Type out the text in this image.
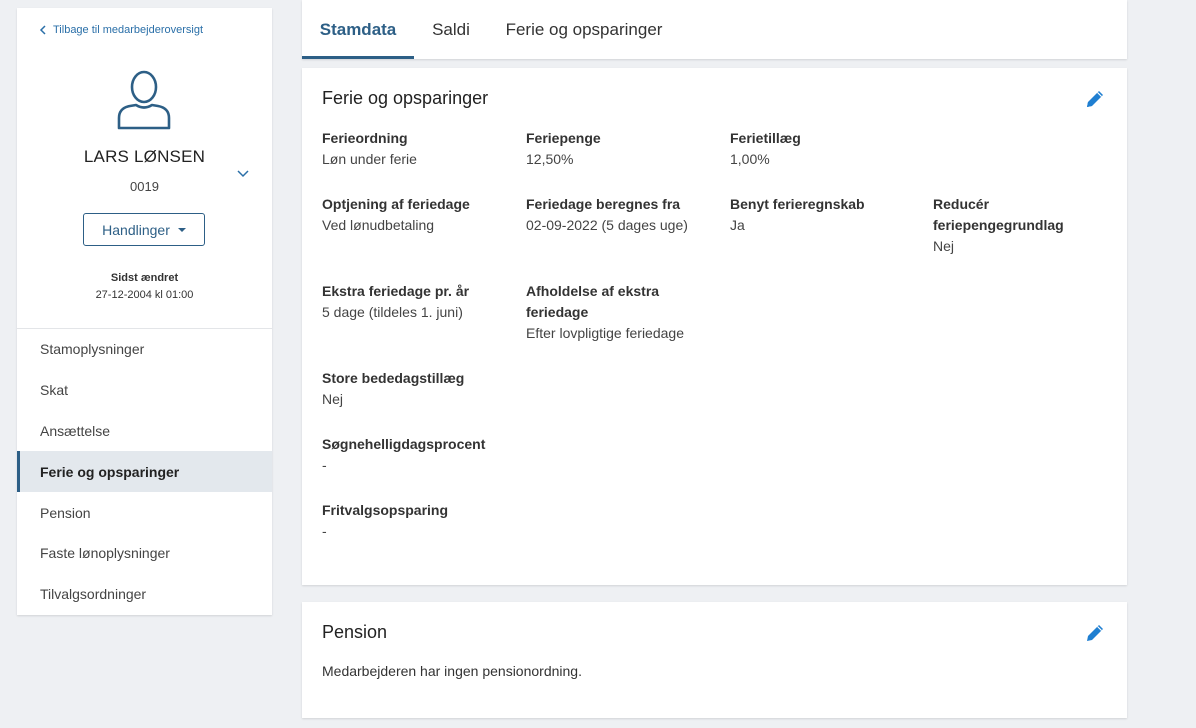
Tilbage til medarbejderoversigt
LARS LØNSEN
0019
Handlinger
Sidst ændret
27-12-2004 kl 01:00
Stamoplysninger
Skat
Ansættelse
Ferie og opsparinger
Pension
Faste lønoplysninger
Tilvalgsordninger
Stamdata Saldi Ferie og opsparinger
Ferie og opsparinger
Ferieordning
Løn under ferie
Feriepenge
12,50%
Ferietillæg
1,00%
Optjening af feriedage
Ved lønudbetaling
Feriedage beregnes fra
02-09-2022 (5 dages uge)
Benyt ferieregnskab
Ja
Reducér feriepengegrundlag
Nej
Ekstra feriedage pr. år
5 dage (tildeles 1. juni)
Afholdelse af ekstra feriedage
Efter lovpligtige feriedage
Store bededagstillæg
Nej
Søgnehelligdagsprocent
-
Fritvalgsopsparing
-
Pension
Medarbejderen har ingen pensionordning.
